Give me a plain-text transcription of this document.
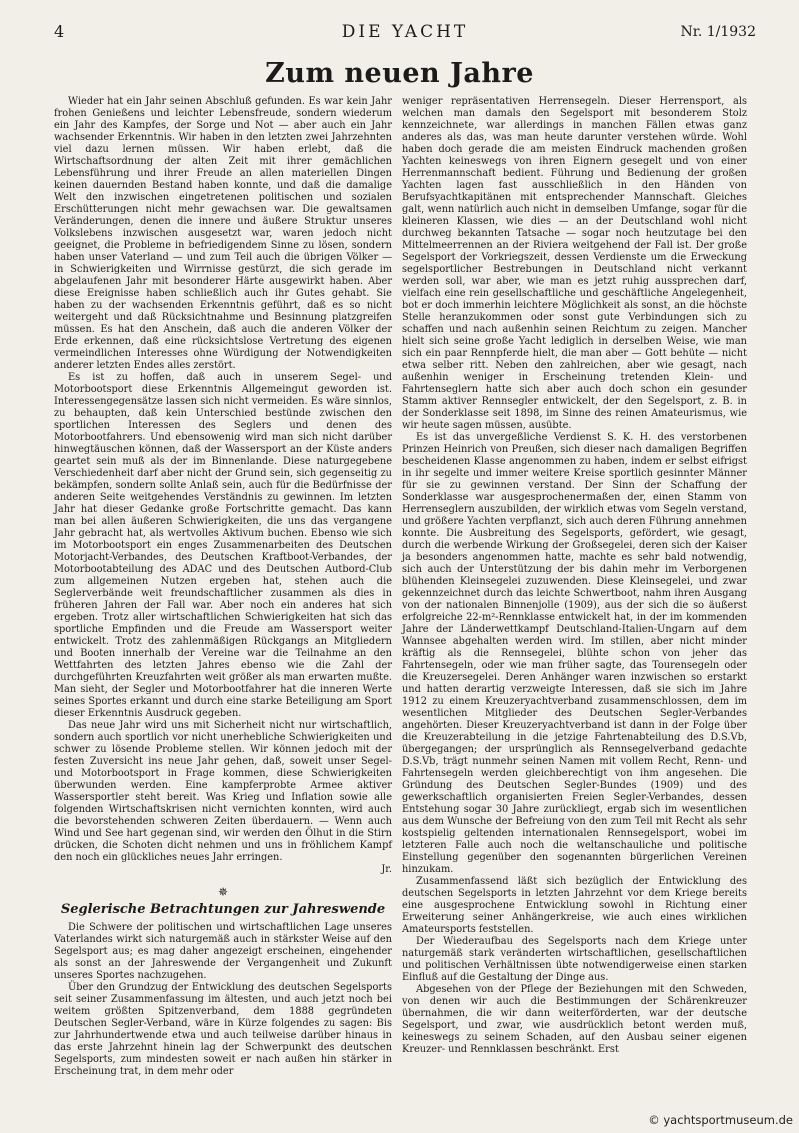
4	DIE YACHT	Nr. 1/1932
Zum neuen Jahre

Wieder hat ein Jahr seinen Abschluß gefunden. Es war kein Jahr frohen Genießens und leichter Lebensfreude, sondern wiederum ein Jahr des Kampfes, der Sorge und Not — aber auch ein Jahr wachsender Erkenntnis. Wir haben in den letzten zwei Jahrzehnten viel dazu lernen müssen. Wir haben erlebt, daß die Wirtschaftsordnung der alten Zeit mit ihrer gemächlichen Lebensführung und ihrer Freude an allen materiellen Dingen keinen dauernden Bestand haben konnte, und daß die damalige Welt den inzwischen eingetretenen politischen und sozialen Erschütterungen nicht mehr gewachsen war. Die gewaltsamen Veränderungen, denen die innere und äußere Struktur unseres Volkslebens inzwischen ausgesetzt war, waren jedoch nicht geeignet, die Probleme in befriedigendem Sinne zu lösen, sondern haben unser Vaterland — und zum Teil auch die übrigen Völker — in Schwierigkeiten und Wirrnisse gestürzt, die sich gerade im abgelaufenen Jahr mit besonderer Härte ausgewirkt haben. Aber diese Ereignisse haben schließlich auch ihr Gutes gehabt. Sie haben zu der wachsenden Erkenntnis geführt, daß es so nicht weitergeht und daß Rücksichtnahme und Besinnung platzgreifen müssen. Es hat den Anschein, daß auch die anderen Völker der Erde erkennen, daß eine rücksichtslose Vertretung des eigenen vermeindlichen Interesses ohne Würdigung der Notwendigkeiten anderer letzten Endes alles zerstört.

Es ist zu hoffen, daß auch in unserem Segel- und Motorbootsport diese Erkenntnis Allgemeingut geworden ist. Interessengegensätze lassen sich nicht vermeiden. Es wäre sinnlos, zu behaupten, daß kein Unterschied bestünde zwischen den sportlichen Interessen des Seglers und denen des Motorbootfahrers. Und ebensowenig wird man sich nicht darüber hinwegtäuschen können, daß der Wassersport an der Küste anders geartet sein muß als der im Binnenlande. Diese naturgegebene Verschiedenheit darf aber nicht der Grund sein, sich gegenseitig zu bekämpfen, sondern sollte Anlaß sein, auch für die Bedürfnisse der anderen Seite weitgehendes Verständnis zu gewinnen. Im letzten Jahr hat dieser Gedanke große Fortschritte gemacht. Das kann man bei allen äußeren Schwierigkeiten, die uns das vergangene Jahr gebracht hat, als wertvolles Aktivum buchen. Ebenso wie sich im Motorbootsport ein enges Zusammenarbeiten des Deutschen Motorjacht-Verbandes, des Deutschen Kraftboot-Verbandes, der Motorbootabteilung des ADAC und des Deutschen Autbord-Club zum allgemeinen Nutzen ergeben hat, stehen auch die Seglerverbände weit freundschaftlicher zusammen als dies in früheren Jahren der Fall war. Aber noch ein anderes hat sich ergeben. Trotz aller wirtschaftlichen Schwierigkeiten hat sich das sportliche Empfinden und die Freude am Wassersport weiter entwickelt. Trotz des zahlenmäßigen Rückgangs an Mitgliedern und Booten innerhalb der Vereine war die Teilnahme an den Wettfahrten des letzten Jahres ebenso wie die Zahl der durchgeführten Kreuzfahrten weit größer als man erwarten mußte. Man sieht, der Segler und Motorbootfahrer hat die inneren Werte seines Sportes erkannt und durch eine starke Beteiligung am Sport dieser Erkenntnis Ausdruck gegeben.

Das neue Jahr wird uns mit Sicherheit nicht nur wirtschaftlich, sondern auch sportlich vor nicht unerhebliche Schwierigkeiten und schwer zu lösende Probleme stellen. Wir können jedoch mit der festen Zuversicht ins neue Jahr gehen, daß, soweit unser Segel- und Motorbootsport in Frage kommen, diese Schwierigkeiten überwunden werden. Eine kampferprobte Armee aktiver Wassersportler steht bereit. Was Krieg und Inflation sowie alle folgenden Wirtschaftskrisen nicht vernichten konnten, wird auch die bevorstehenden schweren Zeiten überdauern. — Wenn auch Wind und See hart gegenan sind, wir werden den Ölhut in die Stirn drücken, die Schoten dicht nehmen und uns in fröhlichem Kampf den noch ein glückliches neues Jahr erringen.

Jr.

✵
Seglerische Betrachtungen zur Jahreswende

Die Schwere der politischen und wirtschaftlichen Lage unseres Vaterlandes wirkt sich naturgemäß auch in stärkster Weise auf den Segelsport aus; es mag daher angezeigt erscheinen, eingehender als sonst an der Jahreswende der Vergangenheit und Zukunft unseres Sportes nachzugehen.

Über den Grundzug der Entwicklung des deutschen Segelsports seit seiner Zusammenfassung im ältesten, und auch jetzt noch bei weitem größten Spitzenverband, dem 1888 gegründeten Deutschen Segler-Verband, wäre in Kürze folgendes zu sagen: Bis zur Jahrhundertwende etwa und auch teilweise darüber hinaus in das erste Jahrzehnt hinein lag der Schwerpunkt des deutschen Segelsports, zum mindesten soweit er nach außen hin stärker in Erscheinung trat, in dem mehr oder

weniger repräsentativen Herrensegeln. Dieser Herrensport, als welchen man damals den Segelsport mit besonderem Stolz kennzeichnete, war allerdings in manchen Fällen etwas ganz anderes als das, was man heute darunter verstehen würde. Wohl haben doch gerade die am meisten Eindruck machenden großen Yachten keineswegs von ihren Eignern gesegelt und von einer Herrenmannschaft bedient. Führung und Bedienung der großen Yachten lagen fast ausschließlich in den Händen von Berufsyachtkapitänen mit entsprechender Mannschaft. Gleiches galt, wenn natürlich auch nicht in demselben Umfange, sogar für die kleineren Klassen, wie dies — an der Deutschland wohl nicht durchweg bekannten Tatsache — sogar noch heutzutage bei den Mittelmeerrennen an der Riviera weitgehend der Fall ist. Der große Segelsport der Vorkriegszeit, dessen Verdienste um die Erweckung segelsportlicher Bestrebungen in Deutschland nicht verkannt werden soll, war aber, wie man es jetzt ruhig aussprechen darf, vielfach eine rein gesellschaftliche und geschäftliche Angelegenheit, bot er doch immerhin leichtere Möglichkeit als sonst, an die höchste Stelle heranzukommen oder sonst gute Verbindungen sich zu schaffen und nach außenhin seinen Reichtum zu zeigen. Mancher hielt sich seine große Yacht lediglich in derselben Weise, wie man sich ein paar Rennpferde hielt, die man aber — Gott behüte — nicht etwa selber ritt. Neben den zahlreichen, aber wie gesagt, nach außenhin weniger in Erscheinung tretenden Klein- und Fahrtenseglern hatte sich aber auch doch schon ein gesunder Stamm aktiver Rennsegler entwickelt, der den Segelsport, z. B. in der Sonderklasse seit 1898, im Sinne des reinen Amateurismus, wie wir heute sagen müssen, ausübte.

Es ist das unvergeßliche Verdienst S. K. H. des verstorbenen Prinzen Heinrich von Preußen, sich dieser nach damaligen Begriffen bescheidenen Klasse angenommen zu haben, indem er selbst eifrigst in ihr segelte und immer weitere Kreise sportlich gesinnter Männer für sie zu gewinnen verstand. Der Sinn der Schaffung der Sonderklasse war ausgesprochenermaßen der, einen Stamm von Herrenseglern auszubilden, der wirklich etwas vom Segeln verstand, und größere Yachten verpflanzt, sich auch deren Führung annehmen konnte. Die Ausbreitung des Segelsports, gefördert, wie gesagt, durch die werbende Wirkung der Großsegelei, deren sich der Kaiser ja besonders angenommen hatte, machte es sehr bald notwendig, sich auch der Unterstützung der bis dahin mehr im Verborgenen blühenden Kleinsegelei zuzuwenden. Diese Kleinsegelei, und zwar gekennzeichnet durch das leichte Schwertboot, nahm ihren Ausgang von der nationalen Binnenjolle (1909), aus der sich die so äußerst erfolgreiche 22-m²-Rennklasse entwickelt hat, in der im kommenden Jahre der Länderwettkampf Deutschland-Italien-Ungarn auf dem Wannsee abgehalten werden wird. Im stillen, aber nicht minder kräftig als die Rennsegelei, blühte schon von jeher das Fahrtensegeln, oder wie man früher sagte, das Tourensegeln oder die Kreuzersegelei. Deren Anhänger waren inzwischen so erstarkt und hatten derartig verzweigte Interessen, daß sie sich im Jahre 1912 zu einem Kreuzeryachtverband zusammenschlossen, dem im wesentlichen Mitglieder des Deutschen Segler-Verbandes angehörten. Dieser Kreuzeryachtverband ist dann in der Folge über die Kreuzerabteilung in die jetzige Fahrtenabteilung des D.S.Vb, übergegangen; der ursprünglich als Rennsegelverband gedachte D.S.Vb, trägt nunmehr seinen Namen mit vollem Recht, Renn- und Fahrtensegeln werden gleichberechtigt von ihm angesehen. Die Gründung des Deutschen Segler-Bundes (1909) und des gewerkschaftlich organisierten Freien Segler-Verbandes, dessen Entstehung sogar 30 Jahre zurückliegt, ergab sich im wesentlichen aus dem Wunsche der Befreiung von den zum Teil mit Recht als sehr kostspielig geltenden internationalen Rennsegelsport, wobei im letzteren Falle auch noch die weltanschauliche und politische Einstellung gegenüber den sogenannten bürgerlichen Vereinen hinzukam.

Zusammenfassend läßt sich bezüglich der Entwicklung des deutschen Segelsports in letzten Jahrzehnt vor dem Kriege bereits eine ausgesprochene Entwicklung sowohl in Richtung einer Erweiterung seiner Anhängerkreise, wie auch eines wirklichen Amateursports feststellen.

Der Wiederaufbau des Segelsports nach dem Kriege unter naturgemäß stark veränderten wirtschaftlichen, gesellschaftlichen und politischen Verhältnissen übte notwendigerweise einen starken Einfluß auf die Gestaltung der Dinge aus.

Abgesehen von der Pflege der Beziehungen mit den Schweden, von denen wir auch die Bestimmungen der Schärenkreuzer übernahmen, die wir dann weiterförderten, war der deutsche Segelsport, und zwar, wie ausdrücklich betont werden muß, keineswegs zu seinem Schaden, auf den Ausbau seiner eigenen Kreuzer- und Rennklassen beschränkt. Erst

© yachtsportmuseum.de
